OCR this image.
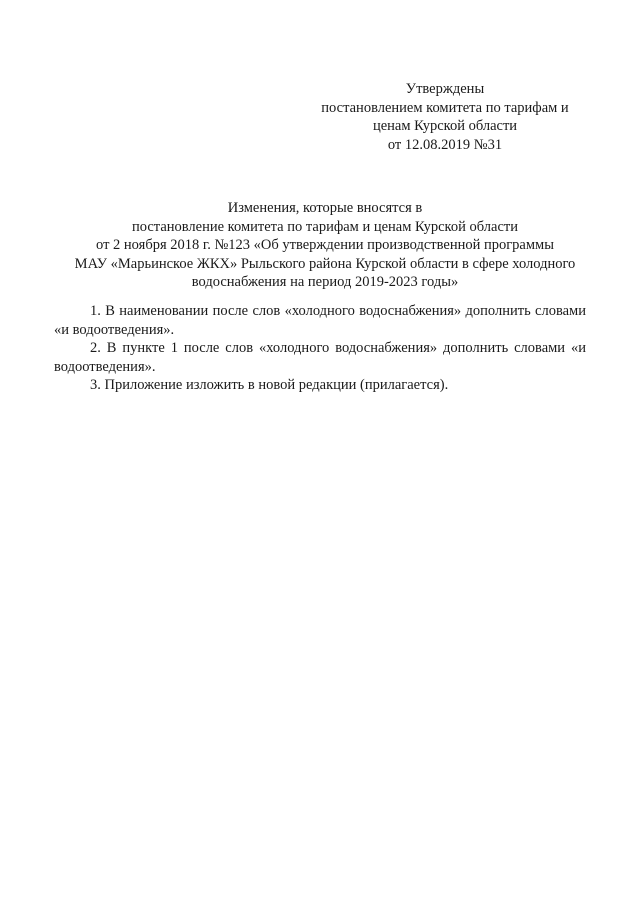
Утверждены
постановлением комитета по тарифам и
ценам Курской области
от 12.08.2019 №31
Изменения, которые вносятся в
постановление комитета по тарифам и ценам Курской области
от 2 ноября 2018 г. №123 «Об утверждении производственной программы
МАУ «Марьинское ЖКХ» Рыльского района Курской области в сфере холодного
водоснабжения на период 2019-2023 годы»

1. В наименовании после слов «холодного водоснабжения» дополнить словами «и водоотведения».

2. В пункте 1 после слов «холодного водоснабжения» дополнить словами «и водоотведения».

3. Приложение изложить в новой редакции (прилагается).
